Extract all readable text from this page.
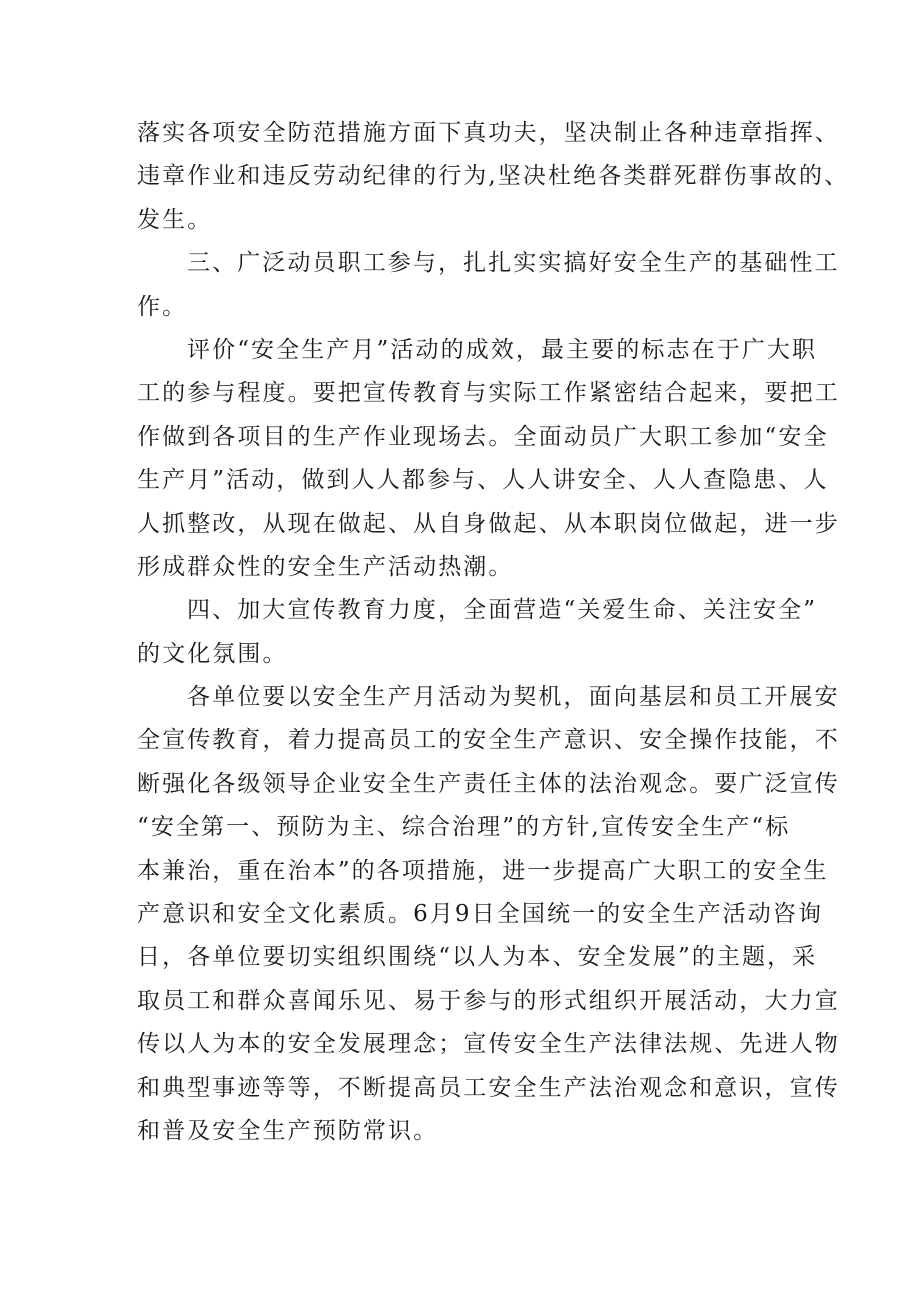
落实各项安全防范措施方面下真功夫，坚决制止各种违章指挥、
违章作业和违反劳动纪律的行为,坚决杜绝各类群死群伤事故的、
发生。
三、广泛动员职工参与，扎扎实实搞好安全生产的基础性工
作。
评价“安全生产月”活动的成效，最主要的标志在于广大职
工的参与程度。要把宣传教育与实际工作紧密结合起来，要把工
作做到各项目的生产作业现场去。全面动员广大职工参加“安全
生产月”活动，做到人人都参与、人人讲安全、人人查隐患、人
人抓整改，从现在做起、从自身做起、从本职岗位做起，进一步
形成群众性的安全生产活动热潮。
四、加大宣传教育力度，全面营造“关爱生命、关注安全”
的文化氛围。
各单位要以安全生产月活动为契机，面向基层和员工开展安
全宣传教育，着力提高员工的安全生产意识、安全操作技能，不
断强化各级领导企业安全生产责任主体的法治观念。要广泛宣传
“安全第一、预防为主、综合治理”的方针,宣传安全生产“标
本兼治，重在治本”的各项措施，进一步提高广大职工的安全生
产意识和安全文化素质。6月9日全国统一的安全生产活动咨询
日，各单位要切实组织围绕“以人为本、安全发展”的主题，采
取员工和群众喜闻乐见、易于参与的形式组织开展活动，大力宣
传以人为本的安全发展理念；宣传安全生产法律法规、先进人物
和典型事迹等等，不断提高员工安全生产法治观念和意识，宣传
和普及安全生产预防常识。
